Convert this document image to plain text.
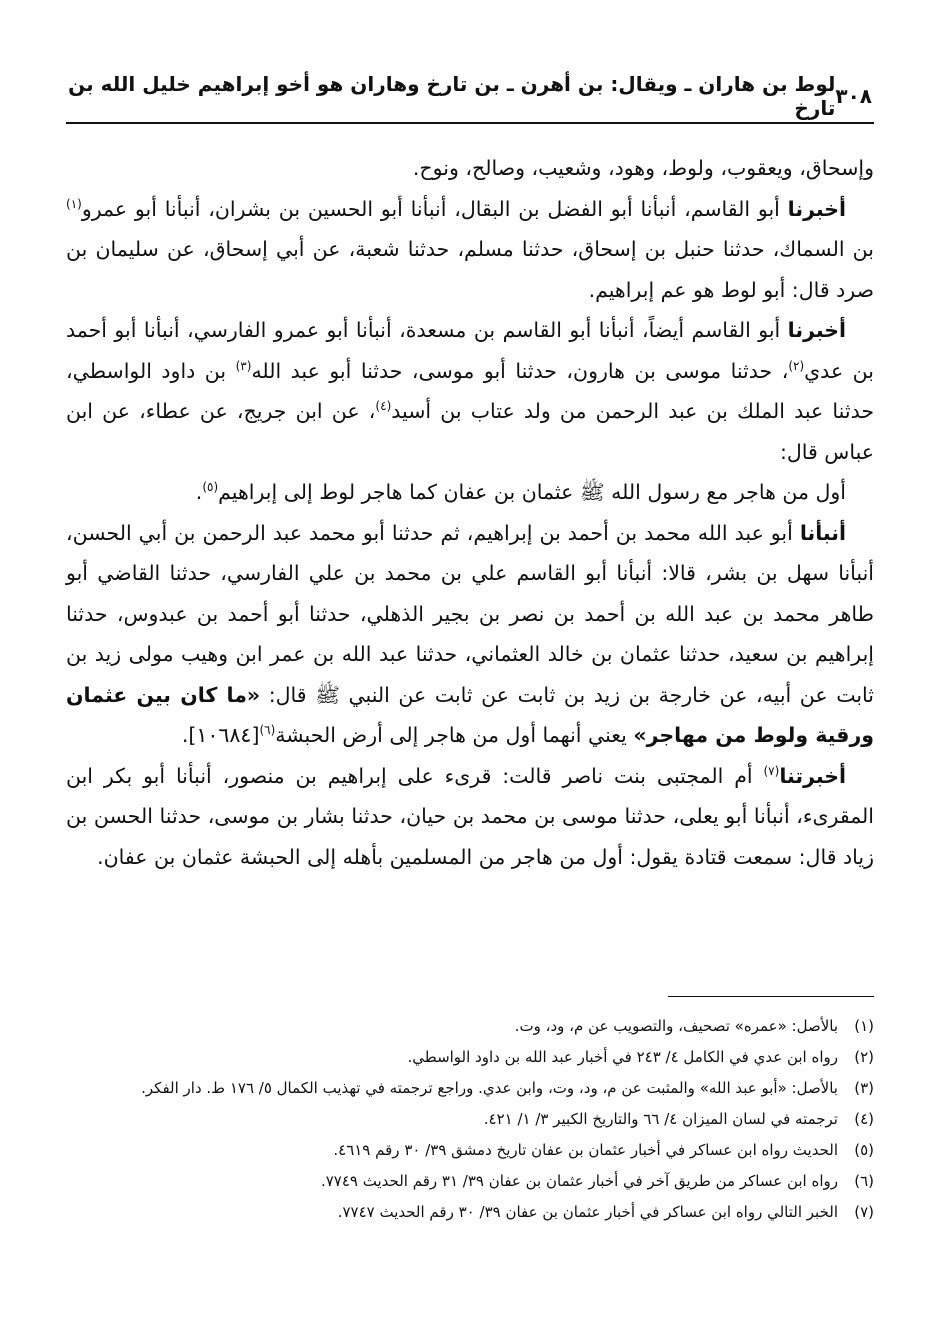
٣٠٨
لوط بن هاران ـ ويقال: بن أهرن ـ بن تارخ وهاران هو أخو إبراهيم خليل الله بن تارخ

وإسحاق، ويعقوب، ولوط، وهود، وشعيب، وصالح، ونوح.

أخبرنا أبو القاسم، أنبأنا أبو الفضل بن البقال، أنبأنا أبو الحسين بن بشران، أنبأنا أبو عمرو$^{(١)}$ بن السماك، حدثنا حنبل بن إسحاق، حدثنا مسلم، حدثنا شعبة، عن أبي إسحاق، عن سليمان بن صرد قال: أبو لوط هو عم إبراهيم.

أخبرنا أبو القاسم أيضاً، أنبأنا أبو القاسم بن مسعدة، أنبأنا أبو عمرو الفارسي، أنبأنا أبو أحمد بن عدي$^{(٢)}$، حدثنا موسى بن هارون، حدثنا أبو موسى، حدثنا أبو عبد الله$^{(٣)}$ بن داود الواسطي، حدثنا عبد الملك بن عبد الرحمن من ولد عتاب بن أسيد$^{(٤)}$، عن ابن جريج، عن عطاء، عن ابن عباس قال:

أول من هاجر مع رسول الله ﷺ عثمان بن عفان كما هاجر لوط إلى إبراهيم$^{(٥)}$.

أنبأنا أبو عبد الله محمد بن أحمد بن إبراهيم، ثم حدثنا أبو محمد عبد الرحمن بن أبي الحسن، أنبأنا سهل بن بشر، قالا: أنبأنا أبو القاسم علي بن محمد بن علي الفارسي، حدثنا القاضي أبو طاهر محمد بن عبد الله بن أحمد بن نصر بن بجير الذهلي، حدثنا أبو أحمد بن عبدوس، حدثنا إبراهيم بن سعيد، حدثنا عثمان بن خالد العثماني، حدثنا عبد الله بن عمر ابن وهيب مولى زيد بن ثابت عن أبيه، عن خارجة بن زيد بن ثابت عن ثابت عن النبي ﷺ قال: «ما كان بين عثمان ورقية ولوط من مهاجر» يعني أنهما أول من هاجر إلى أرض الحبشة$^{(٦)}$[١٠٦٨٤].

أخبرتنا$^{(٧)}$ أم المجتبى بنت ناصر قالت: قرىء على إبراهيم بن منصور، أنبأنا أبو بكر ابن المقرىء، أنبأنا أبو يعلى، حدثنا موسى بن محمد بن حيان، حدثنا بشار بن موسى، حدثنا الحسن بن زياد قال: سمعت قتادة يقول: أول من هاجر من المسلمين بأهله إلى الحبشة عثمان بن عفان.

(١)
بالأصل: «عمره» تصحيف، والتصويب عن م، ود، وت.
(٢)
رواه ابن عدي في الكامل ٤/ ٢٤٣ في أخبار عبد الله بن داود الواسطي.
(٣)
بالأصل: «أبو عبد الله» والمثبت عن م، ود، وت، وابن عدي. وراجع ترجمته في تهذيب الكمال ٥/ ١٧٦ ط. دار الفكر.
(٤)
ترجمته في لسان الميزان ٤/ ٦٦ والتاريخ الكبير ٣/ ١/ ٤٢١.
(٥)
الحديث رواه ابن عساكر في أخبار عثمان بن عفان تاريخ دمشق ٣٩/ ٣٠ رقم ٤٦١٩.
(٦)
رواه ابن عساكر من طريق آخر في أخبار عثمان بن عفان ٣٩/ ٣١ رقم الحديث ٧٧٤٩.
(٧)
الخبر التالي رواه ابن عساكر في أخبار عثمان بن عفان ٣٩/ ٣٠ رقم الحديث ٧٧٤٧.
